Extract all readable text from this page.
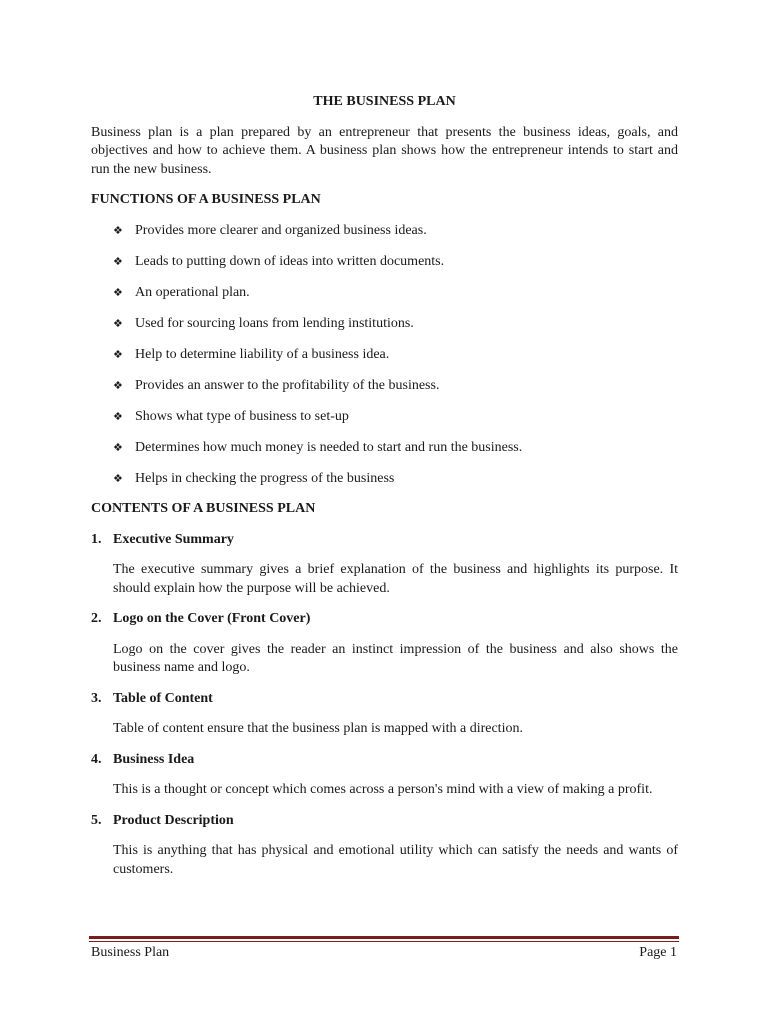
THE BUSINESS PLAN
Business plan is a plan prepared by an entrepreneur that presents the business ideas, goals, and objectives and how to achieve them. A business plan shows how the entrepreneur intends to start and run the new business.
FUNCTIONS OF A BUSINESS PLAN
❖ Provides more clearer and organized business ideas.
❖ Leads to putting down of ideas into written documents.
❖ An operational plan.
❖ Used for sourcing loans from lending institutions.
❖ Help to determine liability of a business idea.
❖ Provides an answer to the profitability of the business.
❖ Shows what type of business to set-up
❖ Determines how much money is needed to start and run the business.
❖ Helps in checking the progress of the business
CONTENTS OF A BUSINESS PLAN
1. Executive Summary
The executive summary gives a brief explanation of the business and highlights its purpose. It should explain how the purpose will be achieved.
2. Logo on the Cover (Front Cover)
Logo on the cover gives the reader an instinct impression of the business and also shows the business name and logo.
3. Table of Content
Table of content ensure that the business plan is mapped with a direction.
4. Business Idea
This is a thought or concept which comes across a person's mind with a view of making a profit.
5. Product Description
This is anything that has physical and emotional utility which can satisfy the needs and wants of customers.
Business Plan	Page 1
